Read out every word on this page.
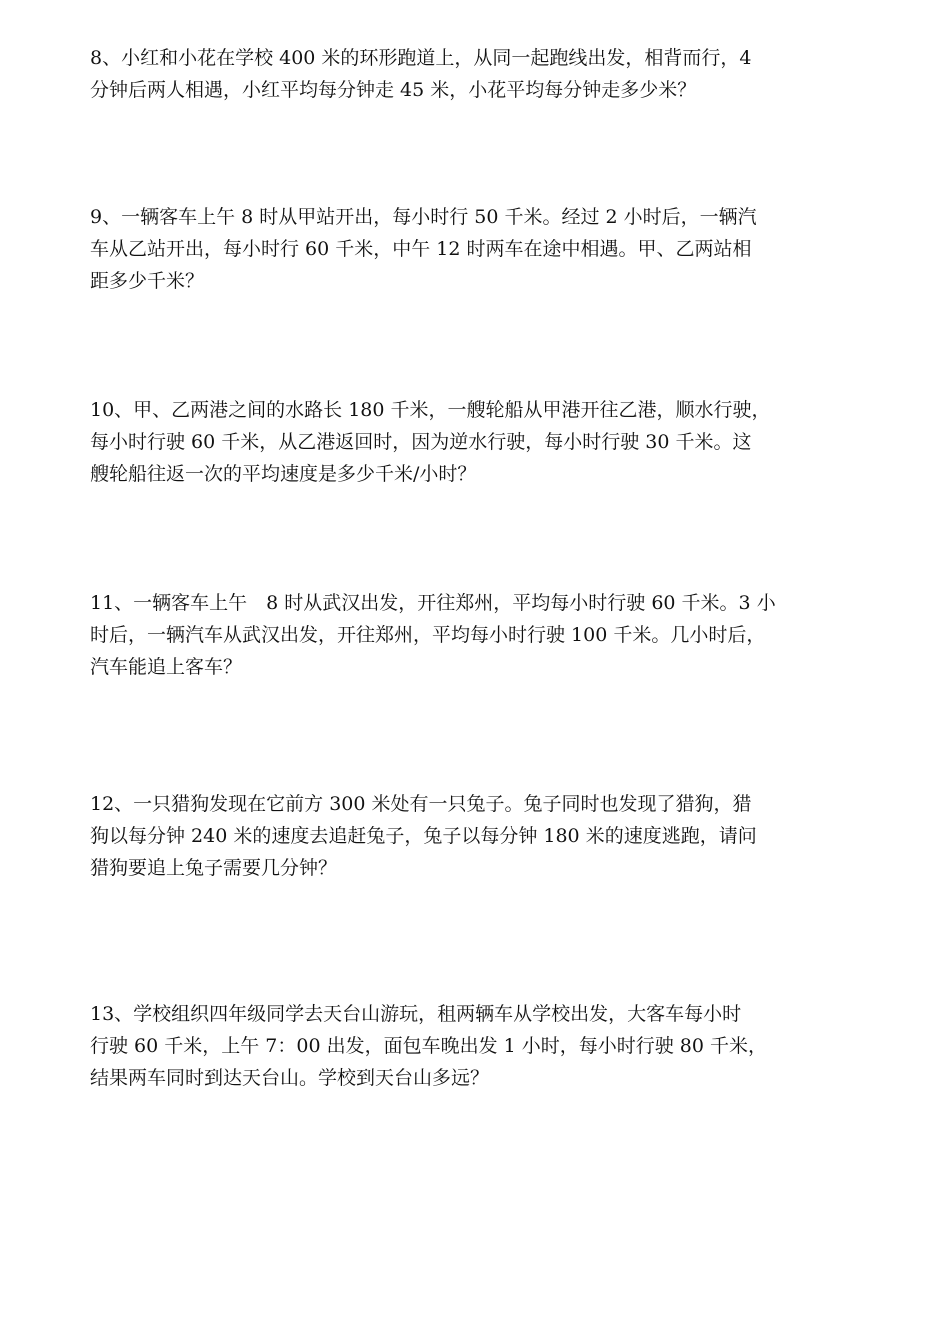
8、小红和小花在学校 400 米的环形跑道上，从同一起跑线出发，相背而行，4
分钟后两人相遇，小红平均每分钟走 45 米，小花平均每分钟走多少米？
9、一辆客车上午 8 时从甲站开出，每小时行 50 千米。经过 2 小时后，一辆汽
车从乙站开出，每小时行 60 千米，中午 12 时两车在途中相遇。甲、乙两站相
距多少千米？
10、甲、乙两港之间的水路长 180 千米，一艘轮船从甲港开往乙港，顺水行驶，
每小时行驶 60 千米，从乙港返回时，因为逆水行驶，每小时行驶 30 千米。这
艘轮船往返一次的平均速度是多少千米/小时？
11、一辆客车上午　8 时从武汉出发，开往郑州，平均每小时行驶 60 千米。3 小
时后，一辆汽车从武汉出发，开往郑州，平均每小时行驶 100 千米。几小时后，
汽车能追上客车？
12、一只猎狗发现在它前方 300 米处有一只兔子。兔子同时也发现了猎狗，猎
狗以每分钟 240 米的速度去追赶兔子，兔子以每分钟 180 米的速度逃跑，请问
猎狗要追上兔子需要几分钟？
13、学校组织四年级同学去天台山游玩，租两辆车从学校出发，大客车每小时
行驶 60 千米，上午 7：00 出发，面包车晚出发 1 小时，每小时行驶 80 千米，
结果两车同时到达天台山。学校到天台山多远？
